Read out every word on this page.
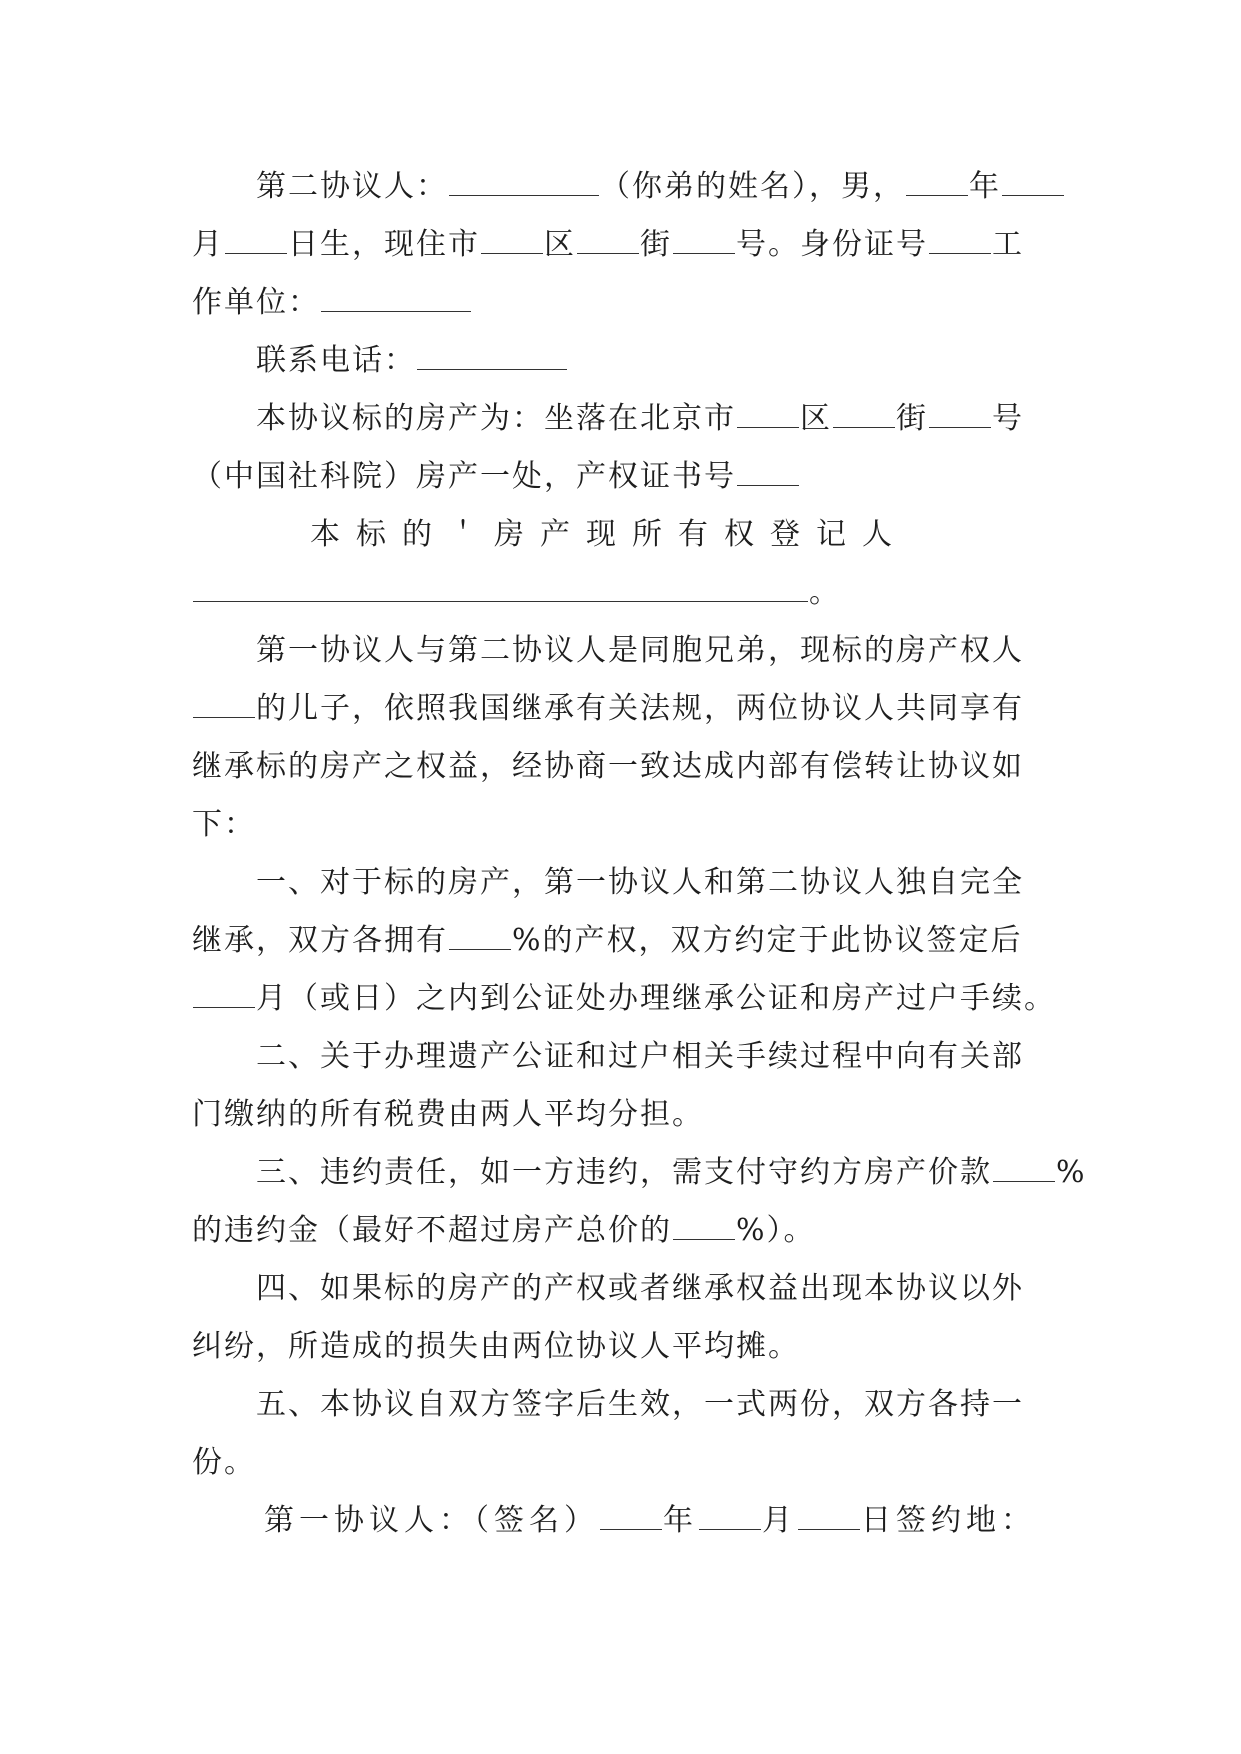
第二协议人：	（你弟的姓名），男， 年

月 日生，现住市 区 街 号。身份证号 工

作单位：

联系电话：

本协议标的房产为：坐落在北京市 区 街 号

（中国社科院）房产一处，产权证书号

本标的＇房产现所有权登记人

。

第一协议人与第二协议人是同胞兄弟，现标的房产权人

的儿子，依照我国继承有关法规，两位协议人共同享有

继承标的房产之权益，经协商一致达成内部有偿转让协议如

下：

一、对于标的房产，第一协议人和第二协议人独自完全

继承，双方各拥有 %的产权，双方约定于此协议签定后

月（或日）之内到公证处办理继承公证和房产过户手续。

二、关于办理遗产公证和过户相关手续过程中向有关部

门缴纳的所有税费由两人平均分担。

三、违约责任，如一方违约，需支付守约方房产价款 %

的违约金（最好不超过房产总价的 %）。

四、如果标的房产的产权或者继承权益出现本协议以外

纠纷，所造成的损失由两位协议人平均摊。

五、本协议自双方签字后生效，一式两份，双方各持一

份。

第一协议人：（签名） 年 月 日签约地：
